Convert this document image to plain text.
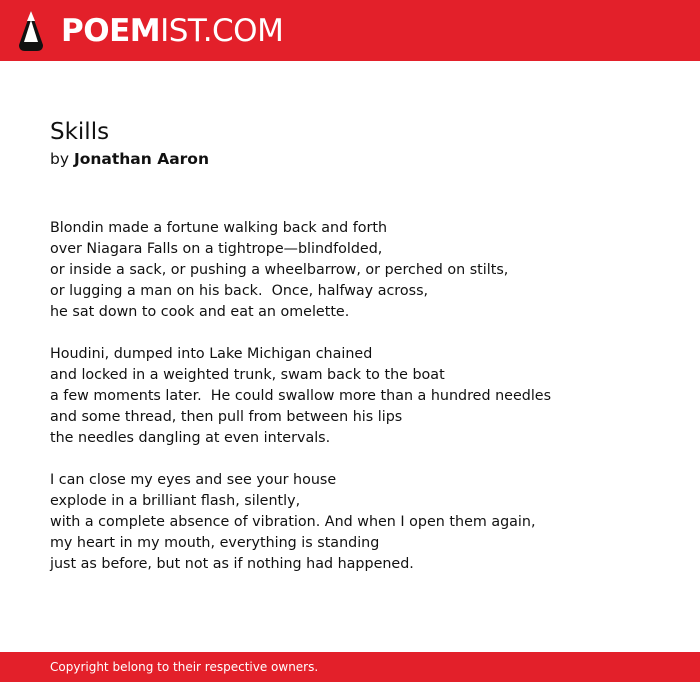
POEMIST.COM
Skills
by Jonathan Aaron
Blondin made a fortune walking back and forth
over Niagara Falls on a tightrope—blindfolded,
or inside a sack, or pushing a wheelbarrow, or perched on stilts,
or lugging a man on his back.  Once, halfway across,
he sat down to cook and eat an omelette.
Houdini, dumped into Lake Michigan chained
and locked in a weighted trunk, swam back to the boat
a few moments later.  He could swallow more than a hundred needles
and some thread, then pull from between his lips
the needles dangling at even intervals.
I can close my eyes and see your house
explode in a brilliant flash, silently,
with a complete absence of vibration. And when I open them again,
my heart in my mouth, everything is standing
just as before, but not as if nothing had happened.
Copyright belong to their respective owners.
